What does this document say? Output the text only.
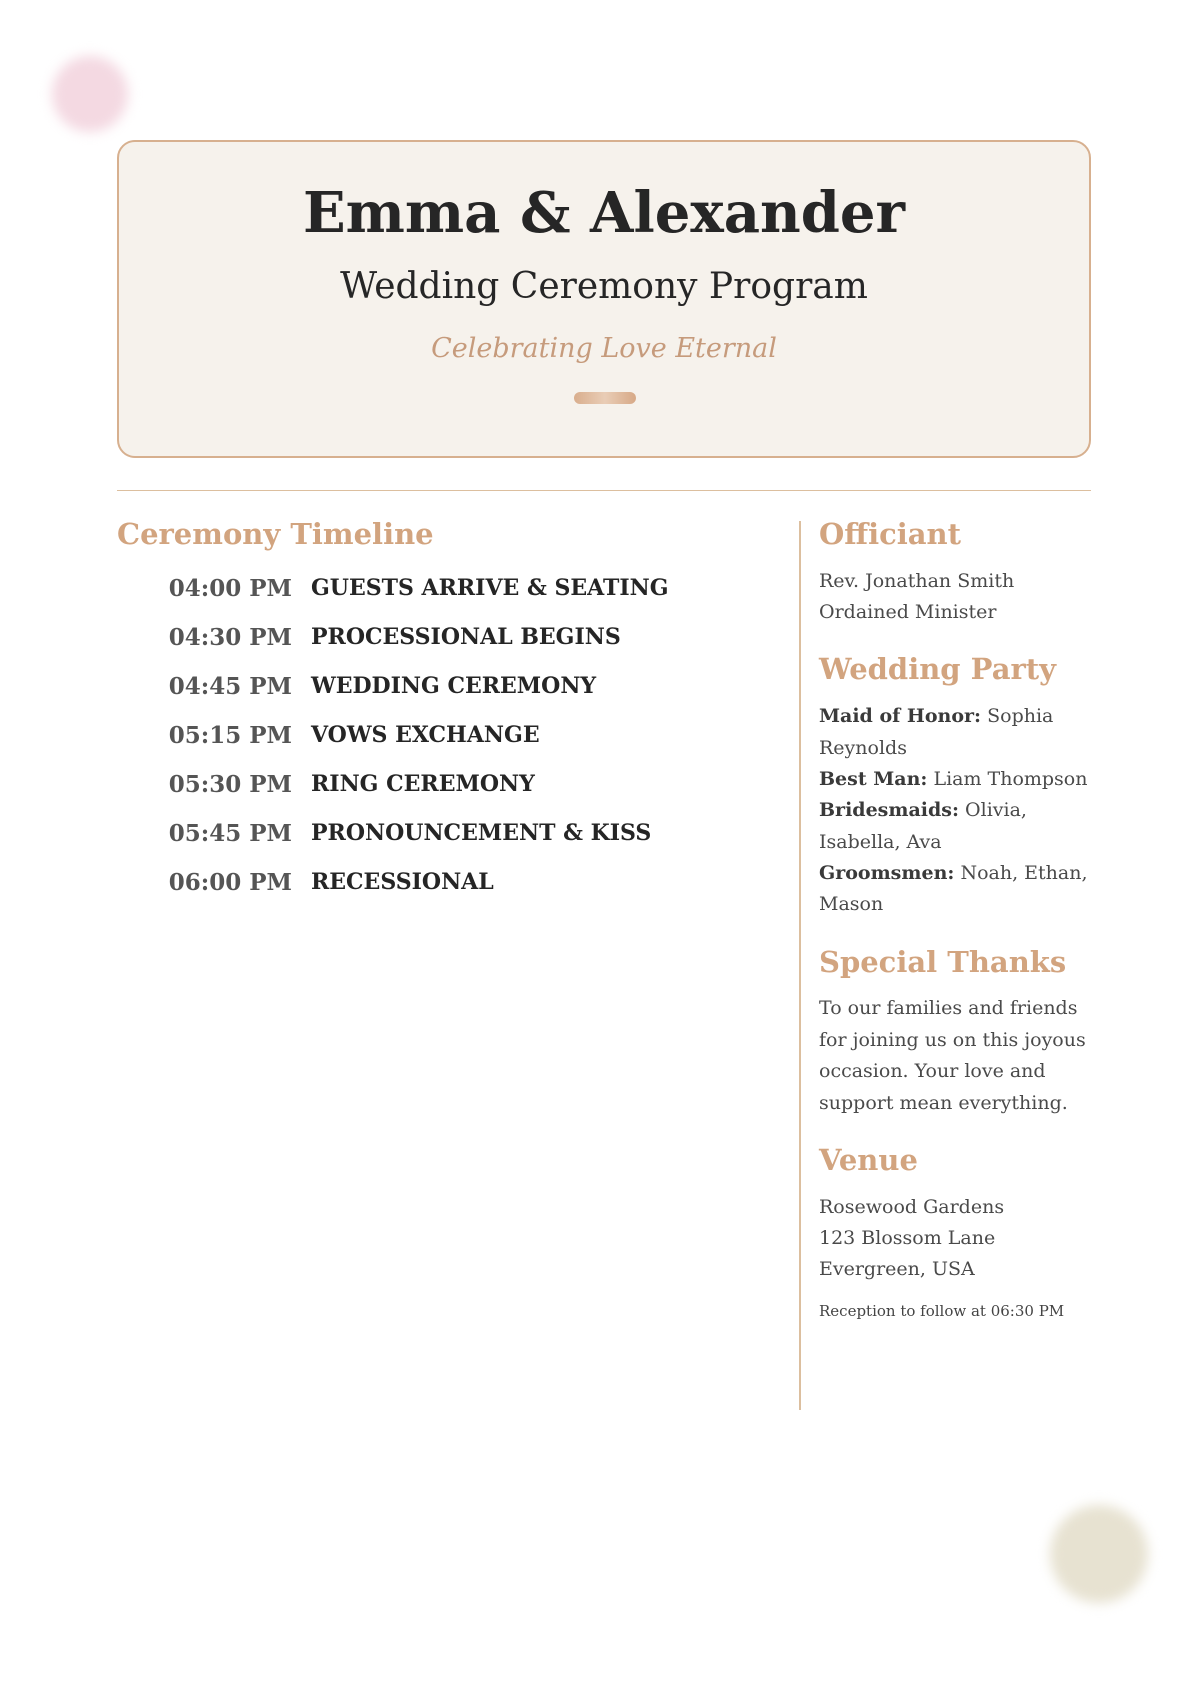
Emma & Alexander
Wedding Ceremony Program
Celebrating Love Eternal
Ceremony Timeline
04:00 PM GUESTS ARRIVE & SEATING
04:30 PM PROCESSIONAL BEGINS
04:45 PM WEDDING CEREMONY
05:15 PM VOWS EXCHANGE
05:30 PM RING CEREMONY
05:45 PM PRONOUNCEMENT & KISS
06:00 PM RECESSIONAL
Officiant

Rev. Jonathan Smith

Ordained Minister

Wedding Party

Maid of Honor: Sophia Reynolds

Best Man: Liam Thompson

Bridesmaids: Olivia, Isabella, Ava

Groomsmen: Noah, Ethan, Mason

Special Thanks

To our families and friends for joining us on this joyous occasion. Your love and support mean everything.

Venue

Rosewood Gardens

123 Blossom Lane

Evergreen, USA

Reception to follow at 06:30 PM
